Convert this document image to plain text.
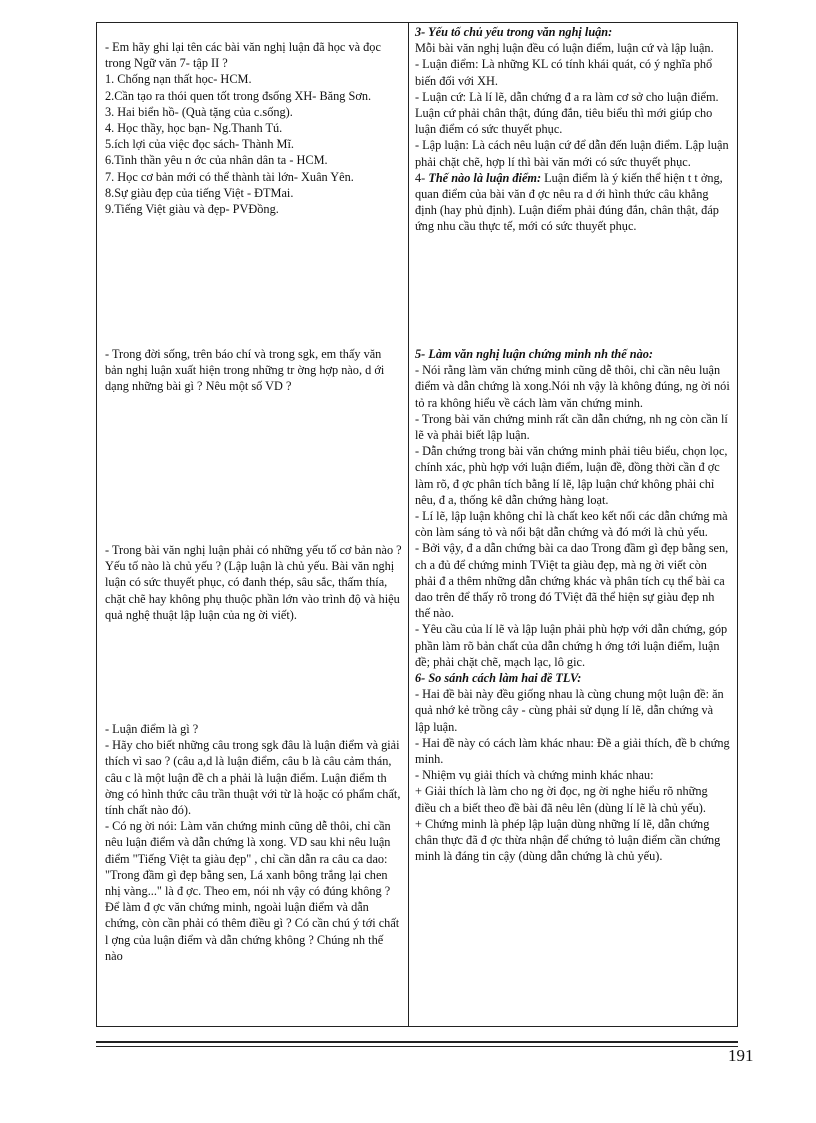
- Em hãy ghi lại tên các bài văn nghị luận đã học và đọc trong Ngữ văn 7- tập II ?

1. Chống nạn thất học- HCM.

2.Cần tạo ra thói quen tốt trong đsống XH- Băng Sơn.

3. Hai biển hồ- (Quà tặng của c.sống).

4. Học thầy, học bạn- Ng.Thanh Tú.

5.ích lợi của việc đọc sách- Thành Mĩ.

6.Tinh thần yêu n ớc của nhân dân ta - HCM.

7. Học cơ bản mới có thể thành tài lớn- Xuân Yên.

8.Sự giàu đẹp của tiếng Việt - ĐTMai.

9.Tiếng Việt giàu và đẹp- PVĐồng.

- Trong đời sống, trên báo chí và trong sgk, em thấy văn bản nghị luận xuất hiện trong những tr ờng hợp nào, d ới dạng những bài gì ? Nêu một số VD ?

- Trong bài văn nghị luận phải có những yếu tố cơ bản nào ? Yếu tố nào là chủ yếu ? (Lập luận là chủ yếu. Bài văn nghị luận có sức thuyết phục, có đanh thép, sâu sắc, thấm thía, chặt chẽ hay không phụ thuộc phần lớn vào trình độ và hiệu quả nghệ thuật lập luận của ng ời viết).

- Luận điểm là gì ?

- Hãy cho biết những câu trong sgk đâu là luận điểm và giải thích vì sao ? (câu a,d là luận điểm, câu b là câu cảm thán, câu c là một luận đề ch a phải là luận điểm. Luận điểm th ờng có hình thức câu trần thuật với từ là hoặc có phẩm chất, tính chất nào đó).

- Có ng ời nói: Làm văn chứng minh cũng dễ thôi, chỉ cần nêu luận điểm và dẫn chứng là xong. VD sau khi nêu luận điểm "Tiếng Việt ta giàu đẹp" , chỉ cần dẫn ra câu ca dao: "Trong đầm gì đẹp bằng sen, Lá xanh bông trắng lại chen nhị vàng..." là đ ợc. Theo em, nói nh vậy có đúng không ? Để làm đ ợc văn chứng minh, ngoài luận điểm và dẫn chứng, còn cần phải có thêm điều gì ? Có cần chú ý tới chất l ợng của luận điểm và dẫn chứng không ? Chúng nh thế nào

3- Yếu tố chủ yếu trong văn nghị luận:

Mỗi bài văn nghị luận đều có luận điểm, luận cứ và lập luận.

- Luận điểm: Là những KL có tính khái quát, có ý nghĩa phổ biến đối với XH.

- Luận cứ: Là lí lẽ, dẫn chứng đ a ra làm cơ sở cho luận điểm. Luận cứ phải chân thật, đúng đắn, tiêu biểu thì mới giúp cho luận điểm có sức thuyết phục.

- Lập luận: Là cách nêu luận cứ để dẫn đến luận điểm. Lập luận phải chặt chẽ, hợp lí thì bài văn mới có sức thuyết phục.

4- Thế nào là luận điểm: Luận điểm là ý kiến thể hiện t t ởng, quan điểm của bài văn đ ợc nêu ra d ới hình thức câu khẳng định (hay phủ định). Luận điểm phải đúng đắn, chân thật, đáp ứng nhu cầu thực tế, mới có sức thuyết phục.

5- Làm văn nghị luận chứng minh nh thế nào:

- Nói rằng làm văn chứng minh cũng dễ thôi, chỉ cần nêu luận điểm và dẫn chứng là xong.Nói nh vậy là không đúng, ng ời nói tỏ ra không hiểu về cách làm văn chứng minh.

- Trong bài văn chứng minh rất cần dẫn chứng, nh ng còn cần lí lẽ và phải biết lập luận.

- Dẫn chứng trong bài văn chứng minh phải tiêu biểu, chọn lọc, chính xác, phù hợp với luận điểm, luận đề, đồng thời cần đ ợc làm rõ, đ ợc phân tích bằng lí lẽ, lập luận chứ không phải chỉ nêu, đ a, thống kê dẫn chứng hàng loạt.

- Lí lẽ, lập luận không chỉ là chất keo kết nối các dẫn chứng mà còn làm sáng tỏ và nổi bật dẫn chứng và đó mới là chủ yếu.

- Bởi vậy, đ a dẫn chứng bài ca dao Trong đầm gì đẹp bằng sen, ch a đủ để chứng minh TViệt ta giàu đẹp, mà ng ời viết còn phải đ a thêm những dẫn chứng khác và phân tích cụ thể bài ca dao trên để thấy rõ trong đó TViệt đã thể hiện sự giàu đẹp nh thế nào.

- Yêu cầu của lí lẽ và lập luận phải phù hợp với dẫn chứng, góp phần làm rõ bản chất của dẫn chứng h ớng tới luận điểm, luận đề; phải chặt chẽ, mạch lạc, lô gic.

6- So sánh cách làm hai đề TLV:

- Hai đề bài này đều giống nhau là cùng chung một luận đề: ăn quả nhớ kẻ trồng cây - cùng phải sử dụng lí lẽ, dẫn chứng và lập luận.

- Hai đề này có cách làm khác nhau: Đề a giải thích, đề b chứng minh.

- Nhiệm vụ giải thích và chứng minh khác nhau:

+ Giải thích là làm cho ng ời đọc, ng ời nghe hiểu rõ những điều ch a biết theo đề bài đã nêu lên (dùng lí lẽ là chủ yếu).

+ Chứng minh là phép lập luận dùng những lí lẽ, dẫn chứng chân thực đã đ ợc thừa nhận để chứng tỏ luận điểm cần chứng minh là đáng tin cậy (dùng dẫn chứng là chủ yếu).

191
